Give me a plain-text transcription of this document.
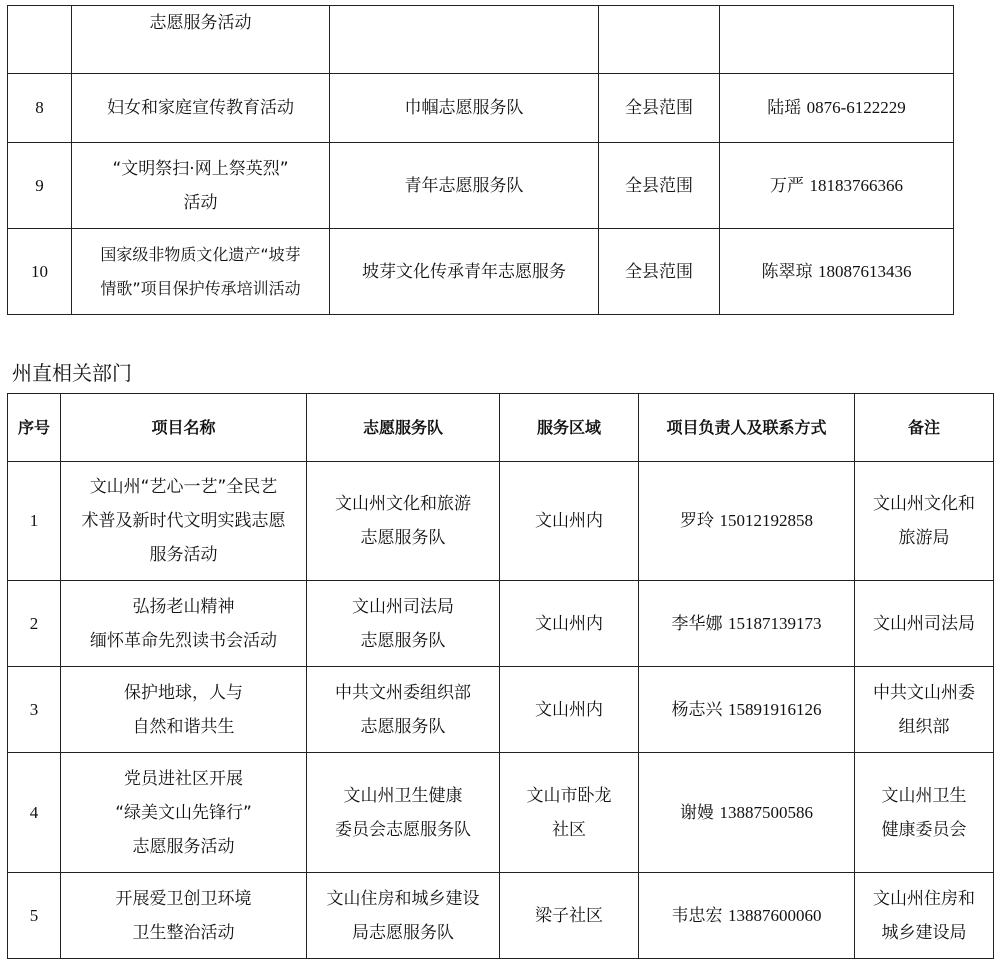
	志愿服务活动			
8	妇女和家庭宣传教育活动	巾帼志愿服务队	全县范围	陆瑶 0876-6122229
9	“文明祭扫·网上祭英烈”
活动	青年志愿服务队	全县范围	万严 18183766366
10	国家级非物质文化遗产“坡芽
情歌”项目保护传承培训活动	坡芽文化传承青年志愿服务	全县范围	陈翠琼 18087613436
州直相关部门
序号	项目名称	志愿服务队	服务区域	项目负责人及联系方式	备注
1	文山州“艺心一艺”全民艺
术普及新时代文明实践志愿
服务活动	文山州文化和旅游
志愿服务队	文山州内	罗玲 15012192858	文山州文化和
旅游局
2	弘扬老山精神
缅怀革命先烈读书会活动	文山州司法局
志愿服务队	文山州内	李华娜 15187139173	文山州司法局
3	保护地球，人与
自然和谐共生	中共文州委组织部
志愿服务队	文山州内	杨志兴 15891916126	中共文山州委
组织部
4	党员进社区开展
“绿美文山先锋行”
志愿服务活动	文山州卫生健康
委员会志愿服务队	文山市卧龙
社区	谢嫚 13887500586	文山州卫生
健康委员会
5	开展爱卫创卫环境
卫生整治活动	文山住房和城乡建设
局志愿服务队	梁子社区	韦忠宏 13887600060	文山州住房和
城乡建设局
